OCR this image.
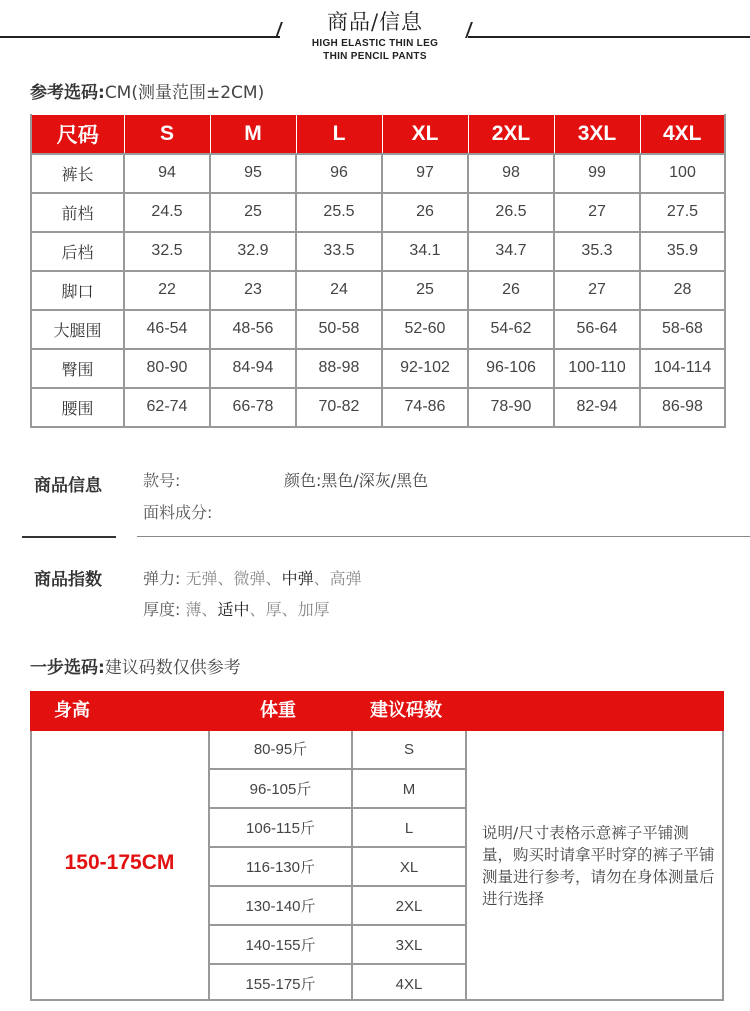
商品/信息
HIGH ELASTIC THIN LEG
THIN PENCIL PANTS
参考选码:CM(测量范围±2CM)
尺码	S	M	L	XL	2XL	3XL	4XL
裤长	94	95	96	97	98	99	100
前档	24.5	25	25.5	26	26.5	27	27.5
后档	32.5	32.9	33.5	34.1	34.7	35.3	35.9
脚口	22	23	24	25	26	27	28
大腿围	46-54	48-56	50-58	52-60	54-62	56-64	58-68
臀围	80-90	84-94	88-98	92-102	96-106	100-110	104-114
腰围	62-74	66-78	70-82	74-86	78-90	82-94	86-98
商品信息	款号:	颜色:黑色/深灰/黑色
面料成分:
商品指数	弹力: 无弹、微弹、中弹、高弹
厚度: 薄、适中、厚、加厚
一步选码:建议码数仅供参考
身高	体重	建议码数
150-175CM
80-95斤	S
96-105斤	M
106-115斤	L
116-130斤	XL
130-140斤	2XL
140-155斤	3XL
155-175斤	4XL
说明/尺寸表格示意裤子平铺测量，购买时请拿平时穿的裤子平铺测量进行参考，请勿在身体测量后进行选择
